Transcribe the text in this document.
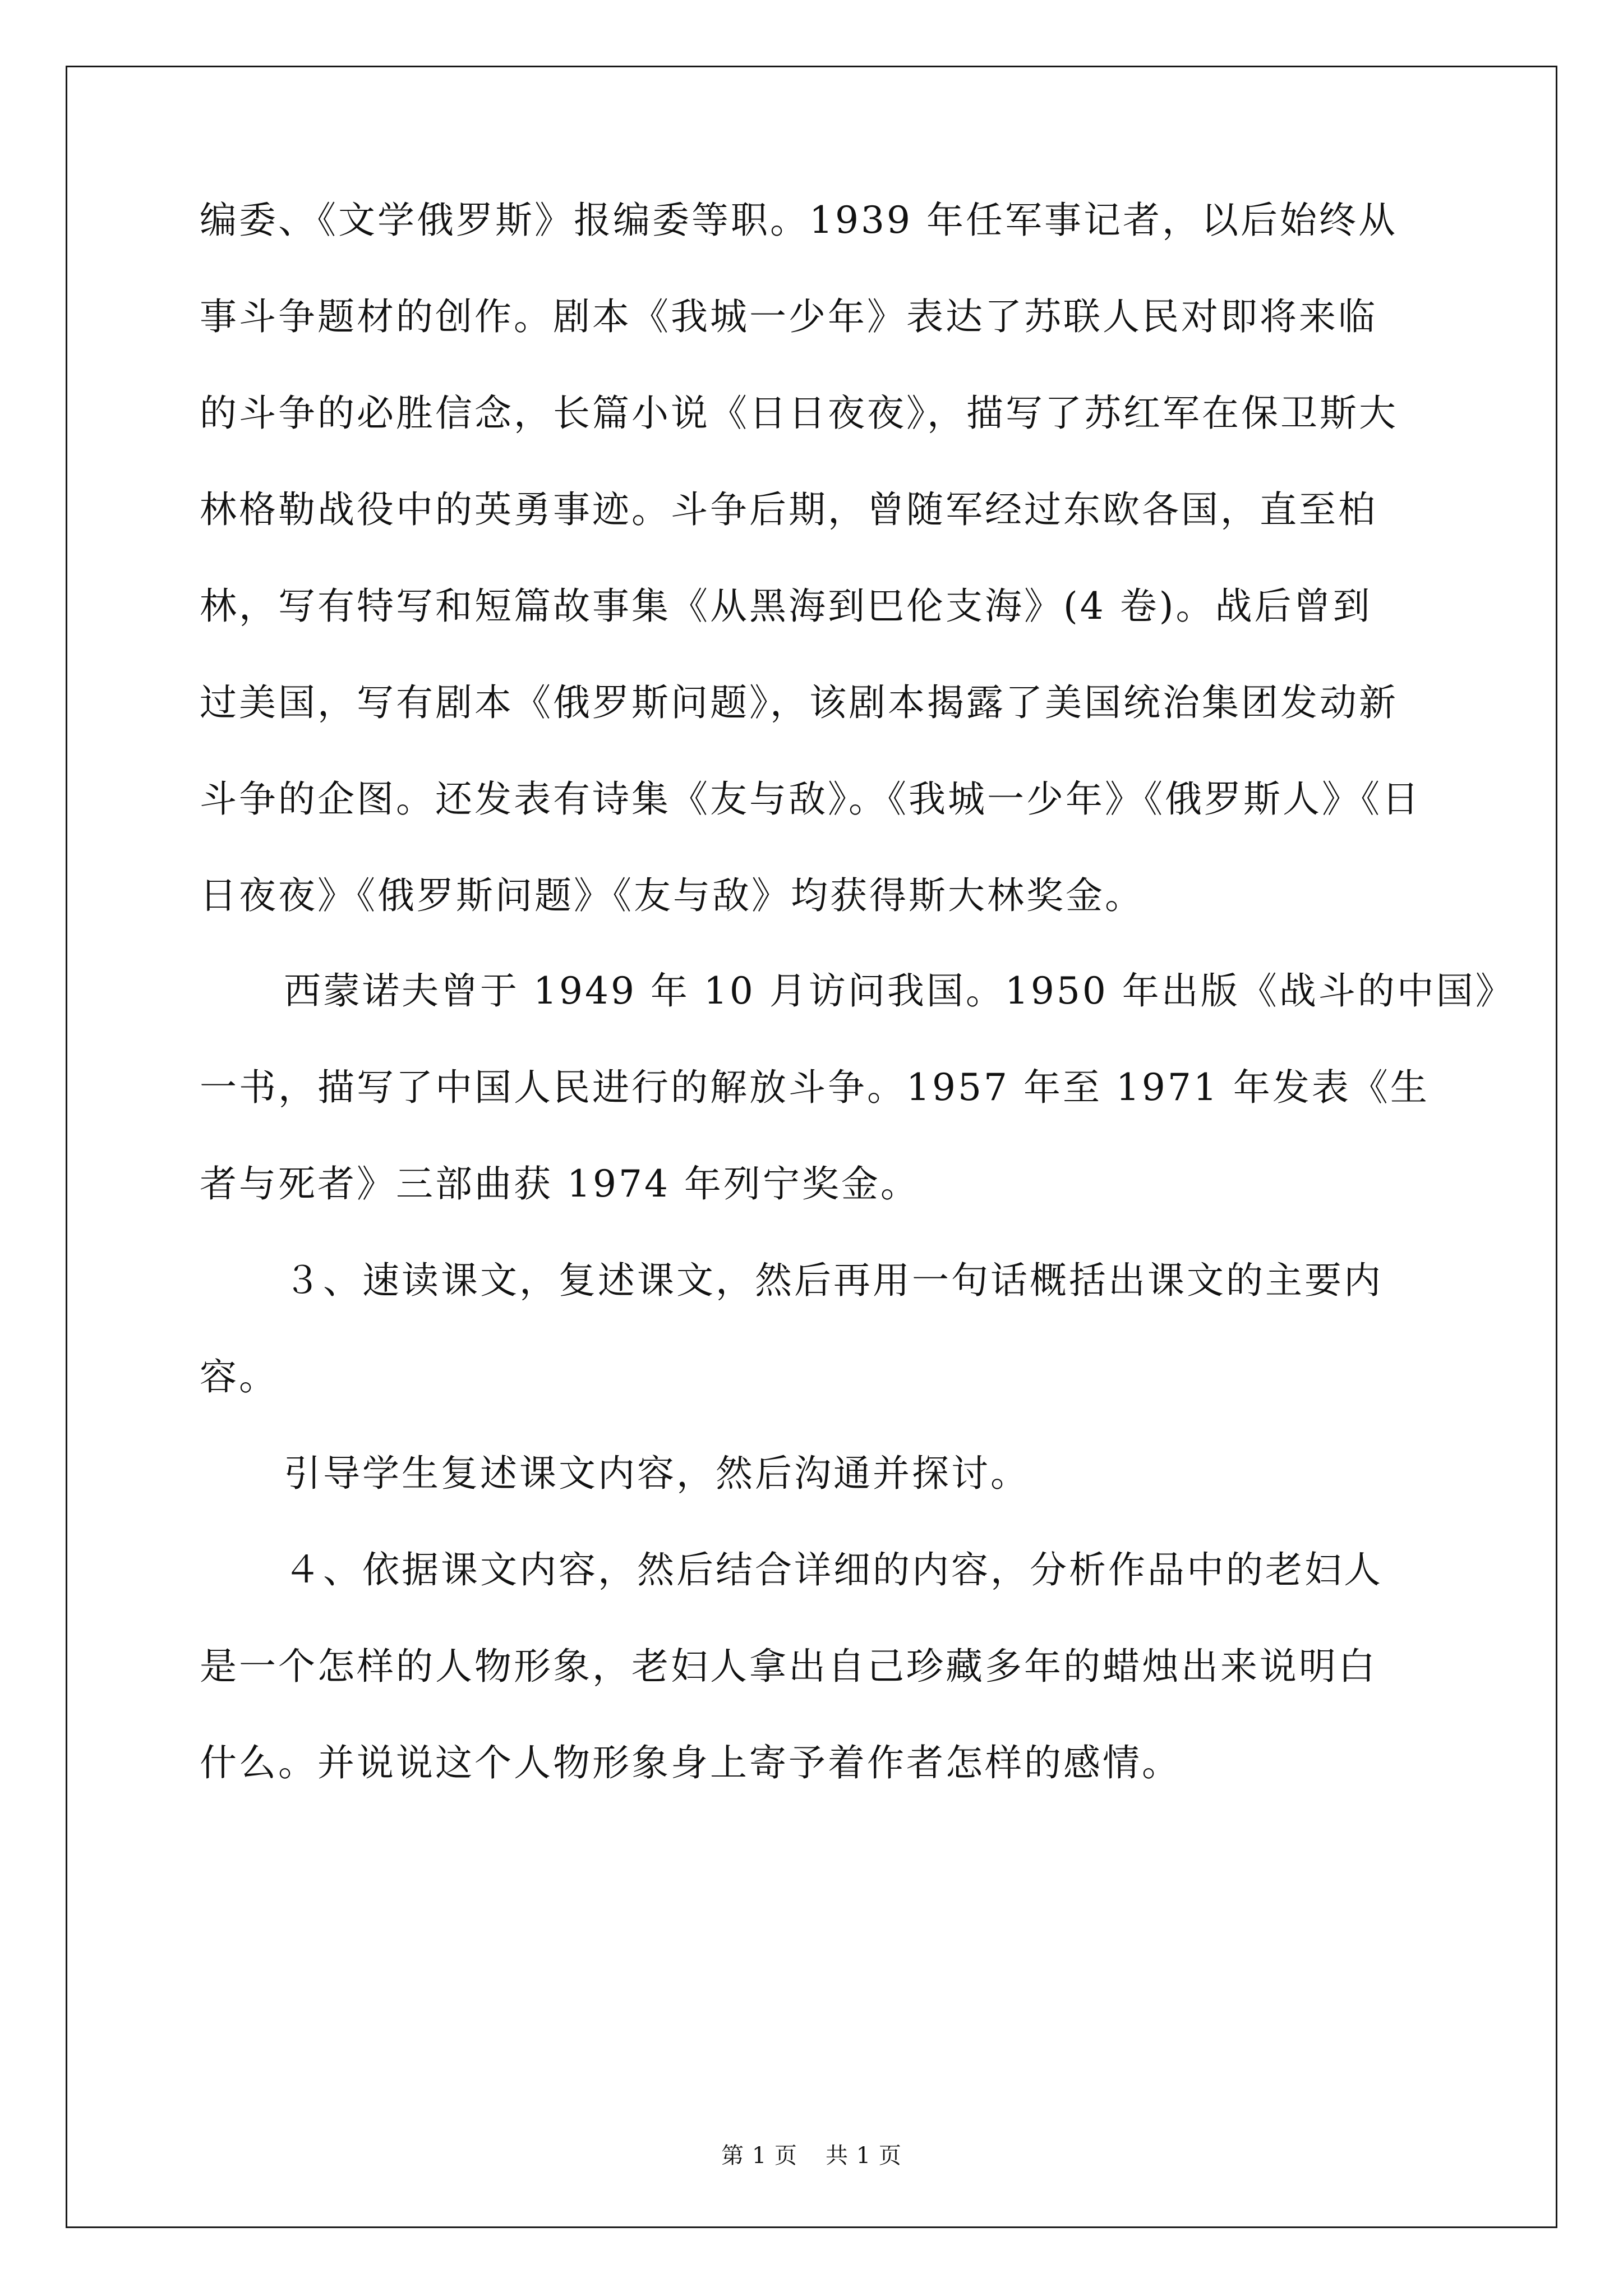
编委、《文学俄罗斯》报编委等职。1939 年任军事记者，以后始终从
事斗争题材的创作。剧本《我城一少年》表达了苏联人民对即将来临
的斗争的必胜信念，长篇小说《日日夜夜》，描写了苏红军在保卫斯大
林格勒战役中的英勇事迹。斗争后期，曾随军经过东欧各国，直至柏
林，写有特写和短篇故事集《从黑海到巴伦支海》(4 卷)。战后曾到
过美国，写有剧本《俄罗斯问题》，该剧本揭露了美国统治集团发动新
斗争的企图。还发表有诗集《友与敌》。《我城一少年》《俄罗斯人》《日
日夜夜》《俄罗斯问题》《友与敌》均获得斯大林奖金。
西蒙诺夫曾于 1949 年 10 月访问我国。1950 年出版《战斗的中国》
一书，描写了中国人民进行的解放斗争。1957 年至 1971 年发表《生
者与死者》三部曲获 1974 年列宁奖金。
３、速读课文，复述课文，然后再用一句话概括出课文的主要内
容。
引导学生复述课文内容，然后沟通并探讨。
４、依据课文内容，然后结合详细的内容，分析作品中的老妇人
是一个怎样的人物形象，老妇人拿出自己珍藏多年的蜡烛出来说明白
什么。并说说这个人物形象身上寄予着作者怎样的感情。
第 1 页 共 1 页
